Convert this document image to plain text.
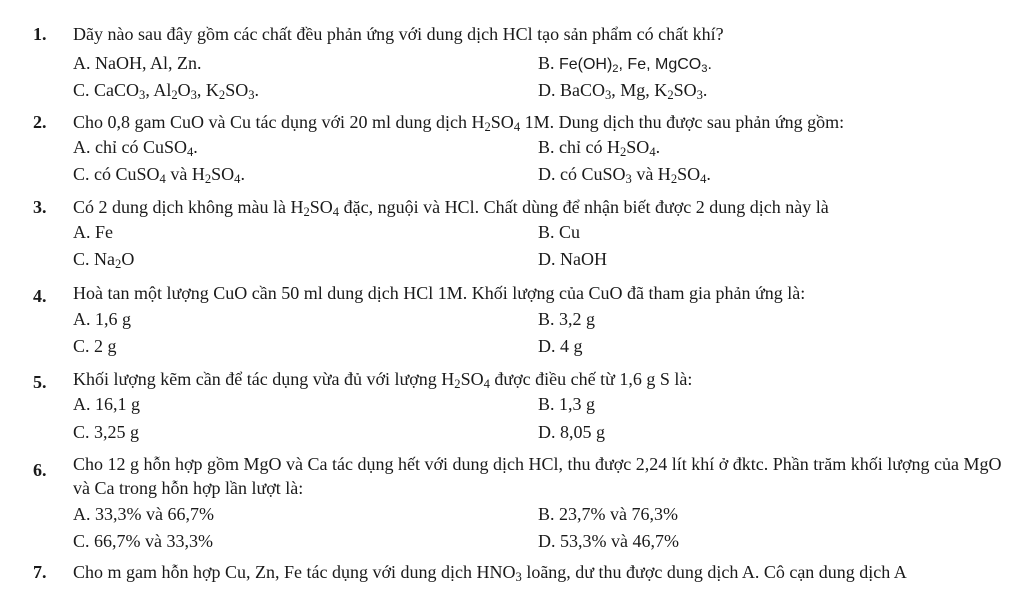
1. Dãy nào sau đây gồm các chất đều phản ứng với dung dịch HCl tạo sản phẩm có chất khí?
A. NaOH, Al, Zn.	B. $Fe(OH)_2$, Fe, MgCO$_3$.
C. CaCO$_3$, $Al_2O_3$, $K_2SO_3$.	D. BaCO$_3$, Mg, $K_2SO_3$.
2. Cho 0,8 gam CuO và Cu tác dụng với 20 ml dung dịch $H_2SO_4$ 1M. Dung dịch thu được sau phản ứng gồm:
A. chỉ có CuSO$_4$.	B. chỉ có $H_2SO_4$.
C. có CuSO$_4$ và $H_2SO_4$.	D. có CuSO$_3$ và $H_2SO_4$.
3. Có 2 dung dịch không màu là $H_2SO_4$ đặc, nguội và HCl. Chất dùng để nhận biết được 2 dung dịch này là
A. Fe	B. Cu
C. $Na_2O$	D. NaOH
4. Hoà tan một lượng CuO cần 50 ml dung dịch HCl 1M. Khối lượng của CuO đã tham gia phản ứng là:
A. 1,6 g	B. 3,2 g
C. 2 g	D. 4 g
5. Khối lượng kẽm cần để tác dụng vừa đủ với lượng $H_2SO_4$ được điều chế từ 1,6 g S là:
A. 16,1 g	B. 1,3 g
C. 3,25 g	D. 8,05 g
6. Cho 12 g hỗn hợp gồm MgO và Ca tác dụng hết với dung dịch HCl, thu được 2,24 lít khí ở đktc. Phần trăm khối lượng của MgO và Ca trong hỗn hợp lần lượt là:
A. 33,3% và 66,7%	B. 23,7% và 76,3%
C. 66,7% và 33,3%	D. 53,3% và 46,7%
7. Cho m gam hỗn hợp Cu, Zn, Fe tác dụng với dung dịch $HNO_3$ loãng, dư thu được dung dịch A. Cô cạn dung dịch A
